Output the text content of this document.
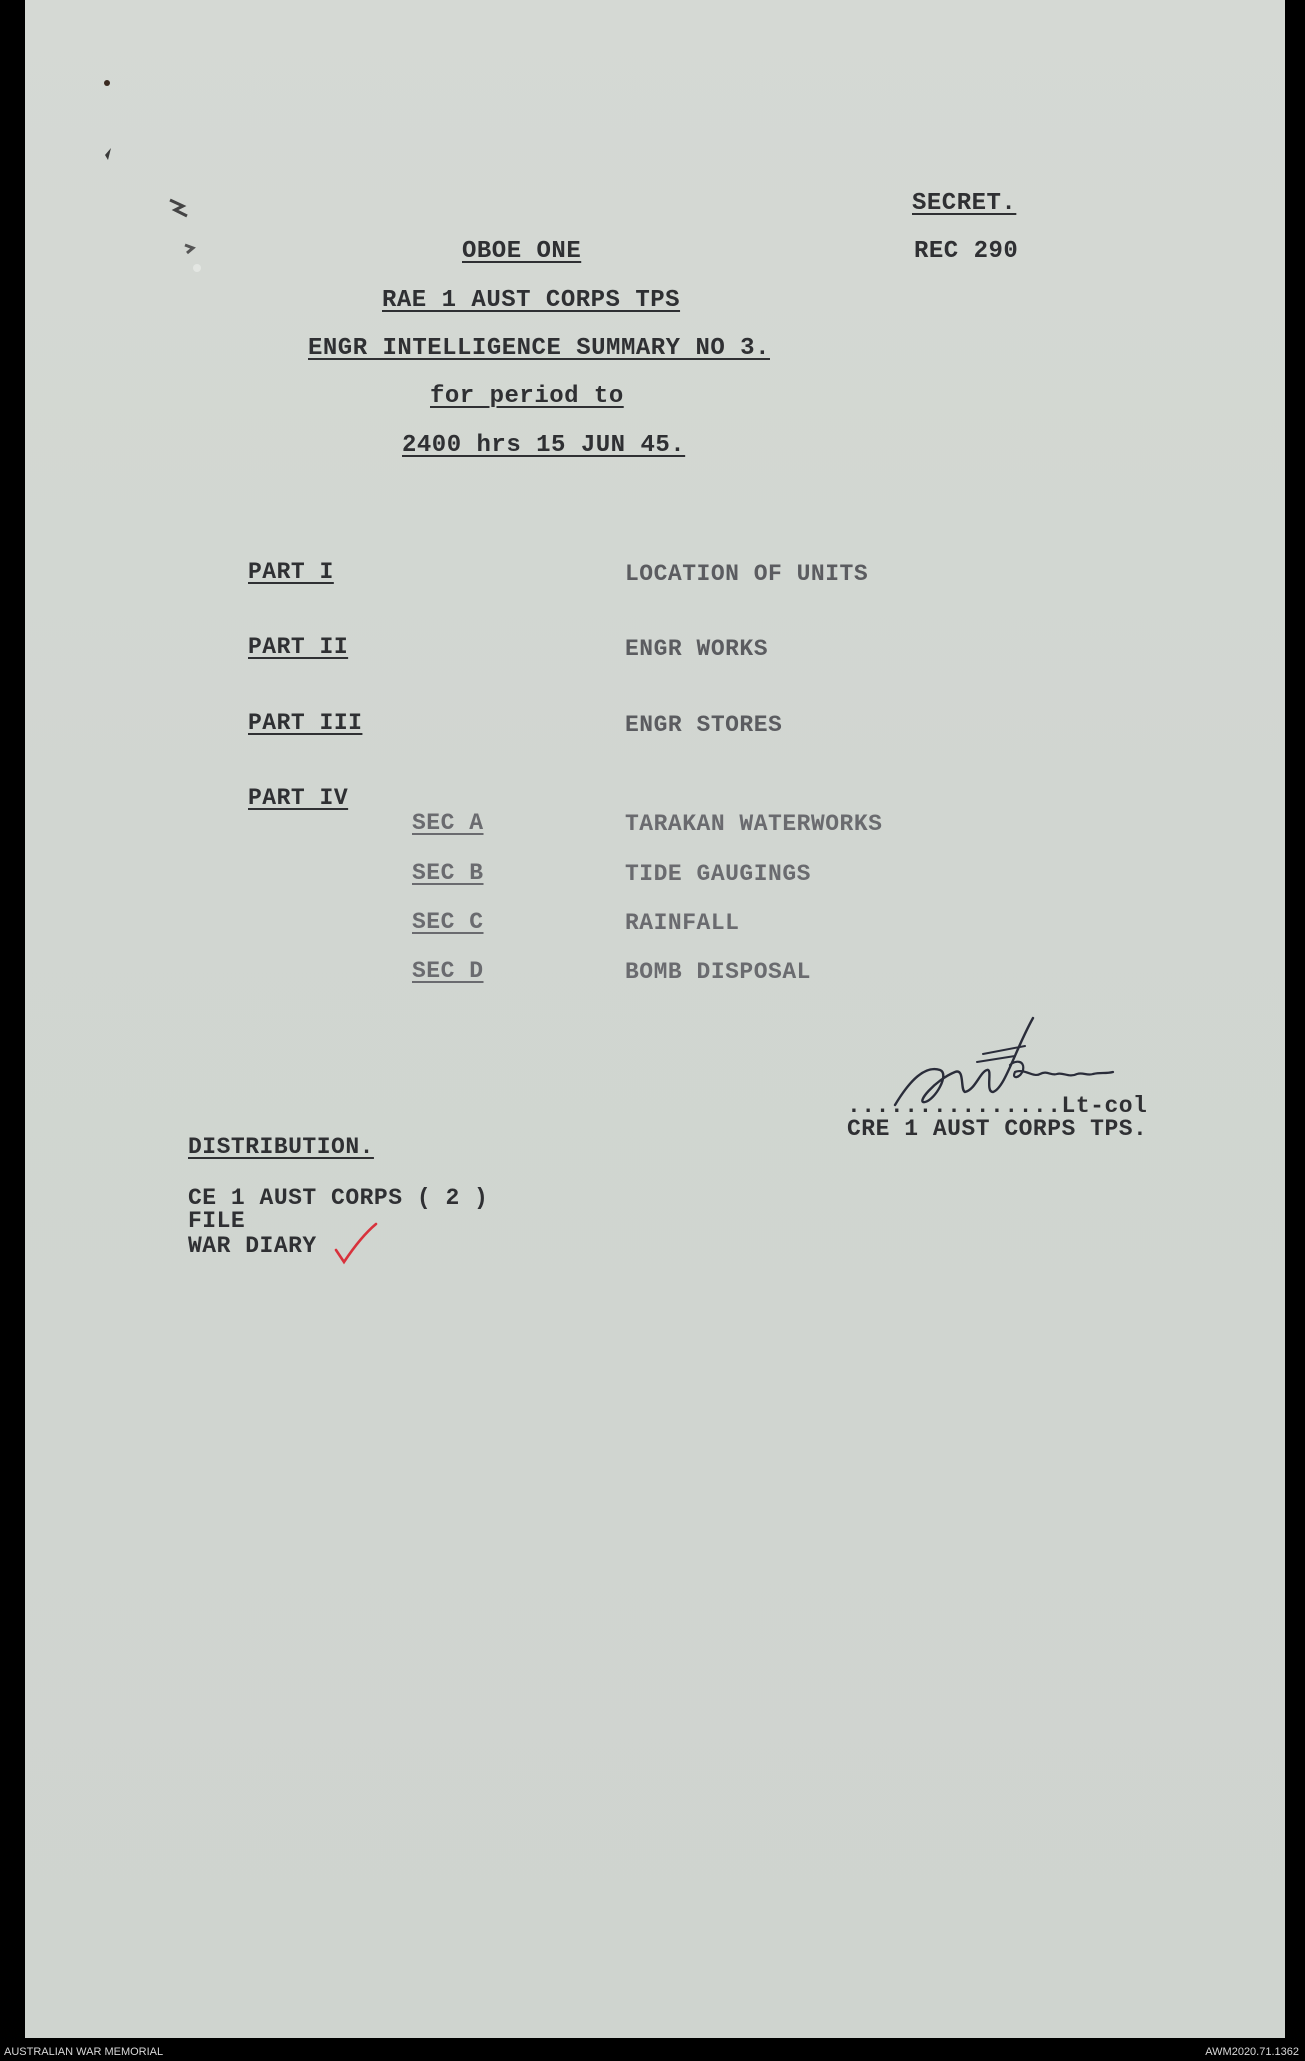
SECRET.
REC 290
OBOE ONE
RAE 1 AUST CORPS TPS
ENGR INTELLIGENCE SUMMARY NO 3.
for period to
2400 hrs 15 JUN 45.
PART I	LOCATION OF UNITS
PART II	ENGR WORKS
PART III	ENGR STORES
PART IV
SEC A	TARAKAN WATERWORKS
SEC B	TIDE GAUGINGS
SEC C	RAINFALL
SEC D	BOMB DISPOSAL
...............Lt-col
CRE 1 AUST CORPS TPS.
DISTRIBUTION.
CE 1 AUST CORPS ( 2 )
FILE
WAR DIARY
AUSTRALIAN WAR MEMORIAL	AWM2020.71.1362
